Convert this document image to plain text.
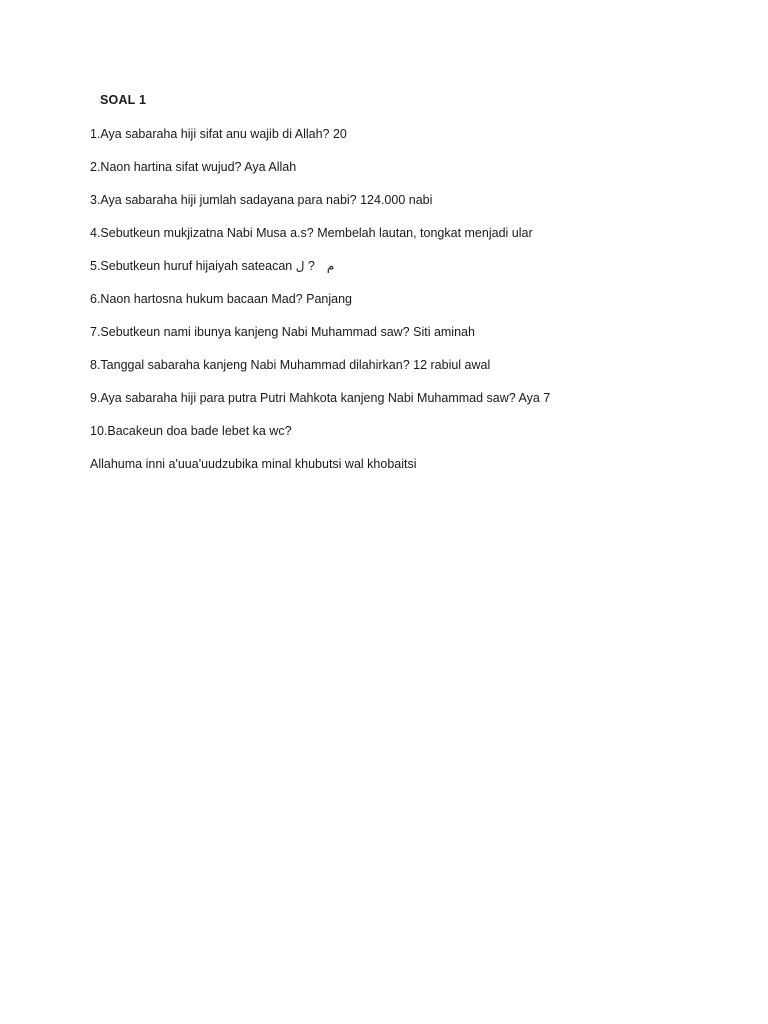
SOAL 1
1.Aya sabaraha hiji sifat anu wajib di Allah? 20
2.Naon hartina sifat wujud? Aya Allah
3.Aya sabaraha hiji jumlah sadayana para nabi? 124.000 nabi
4.Sebutkeun mukjizatna Nabi Musa a.s? Membelah lautan, tongkat menjadi ular
5.Sebutkeun huruf hijaiyah sateacan	م? ل
6.Naon hartosna hukum bacaan Mad? Panjang
7.Sebutkeun nami ibunya kanjeng Nabi Muhammad saw? Siti aminah
8.Tanggal sabaraha kanjeng Nabi Muhammad dilahirkan? 12 rabiul awal
9.Aya sabaraha hiji para putra Putri Mahkota kanjeng Nabi Muhammad saw? Aya 7
10.Bacakeun doa bade lebet ka wc?
Allahuma inni a'uua'uudzubika minal khubutsi wal khobaitsi
